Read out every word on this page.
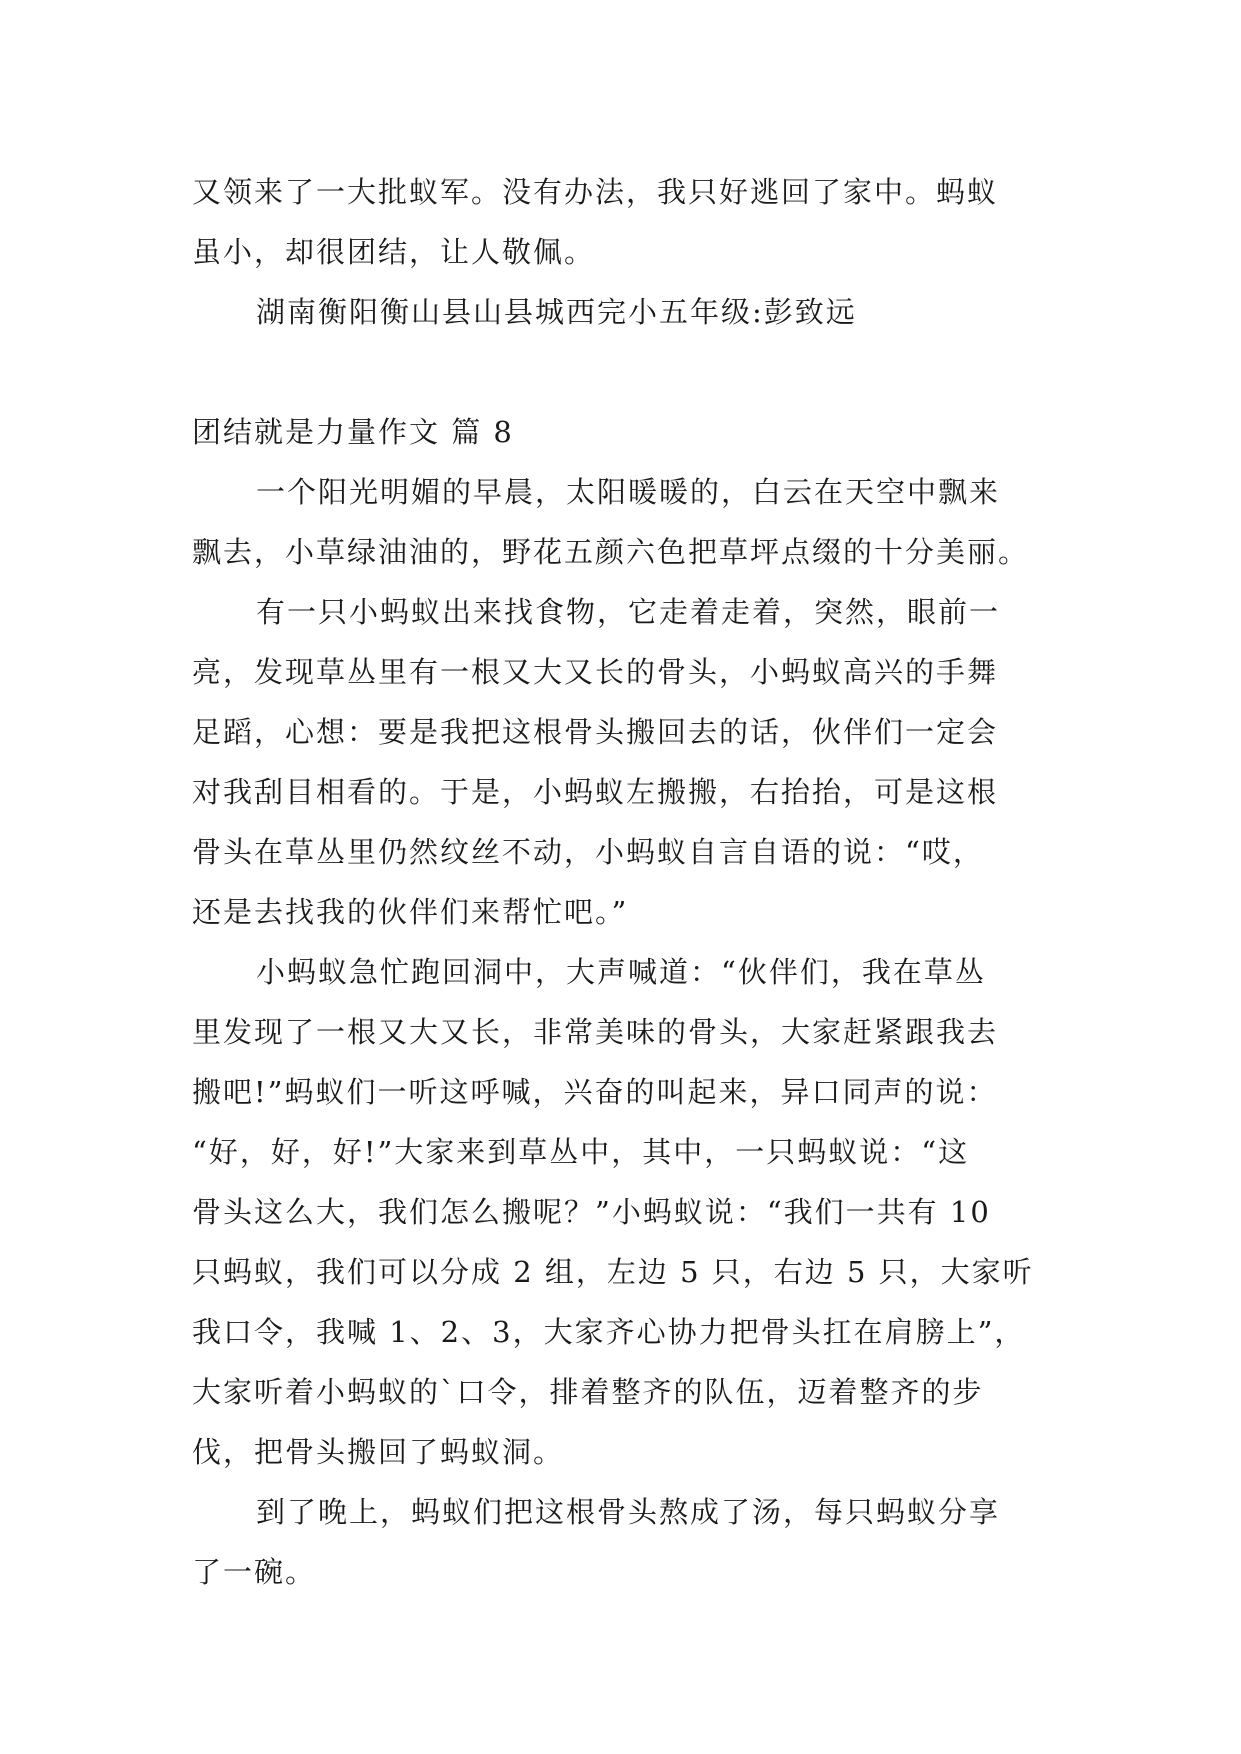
又领来了一大批蚁军。没有办法，我只好逃回了家中。蚂蚁
虽小，却很团结，让人敬佩。
湖南衡阳衡山县山县城西完小五年级:彭致远
团结就是力量作文 篇 8
一个阳光明媚的早晨，太阳暖暖的，白云在天空中飘来
飘去，小草绿油油的，野花五颜六色把草坪点缀的十分美丽。
有一只小蚂蚁出来找食物，它走着走着，突然，眼前一
亮，发现草丛里有一根又大又长的骨头，小蚂蚁高兴的手舞
足蹈，心想：要是我把这根骨头搬回去的话，伙伴们一定会
对我刮目相看的。于是，小蚂蚁左搬搬，右抬抬，可是这根
骨头在草丛里仍然纹丝不动，小蚂蚁自言自语的说：“哎，
还是去找我的伙伴们来帮忙吧。”
小蚂蚁急忙跑回洞中，大声喊道：“伙伴们，我在草丛
里发现了一根又大又长，非常美味的骨头，大家赶紧跟我去
搬吧!”蚂蚁们一听这呼喊，兴奋的叫起来，异口同声的说：
“好，好，好!”大家来到草丛中，其中，一只蚂蚁说：“这
骨头这么大，我们怎么搬呢？”小蚂蚁说：“我们一共有 10
只蚂蚁，我们可以分成 2 组，左边 5 只，右边 5 只，大家听
我口令，我喊 1、2、3，大家齐心协力把骨头扛在肩膀上”，
大家听着小蚂蚁的`口令，排着整齐的队伍，迈着整齐的步
伐，把骨头搬回了蚂蚁洞。
到了晚上，蚂蚁们把这根骨头熬成了汤，每只蚂蚁分享
了一碗。
